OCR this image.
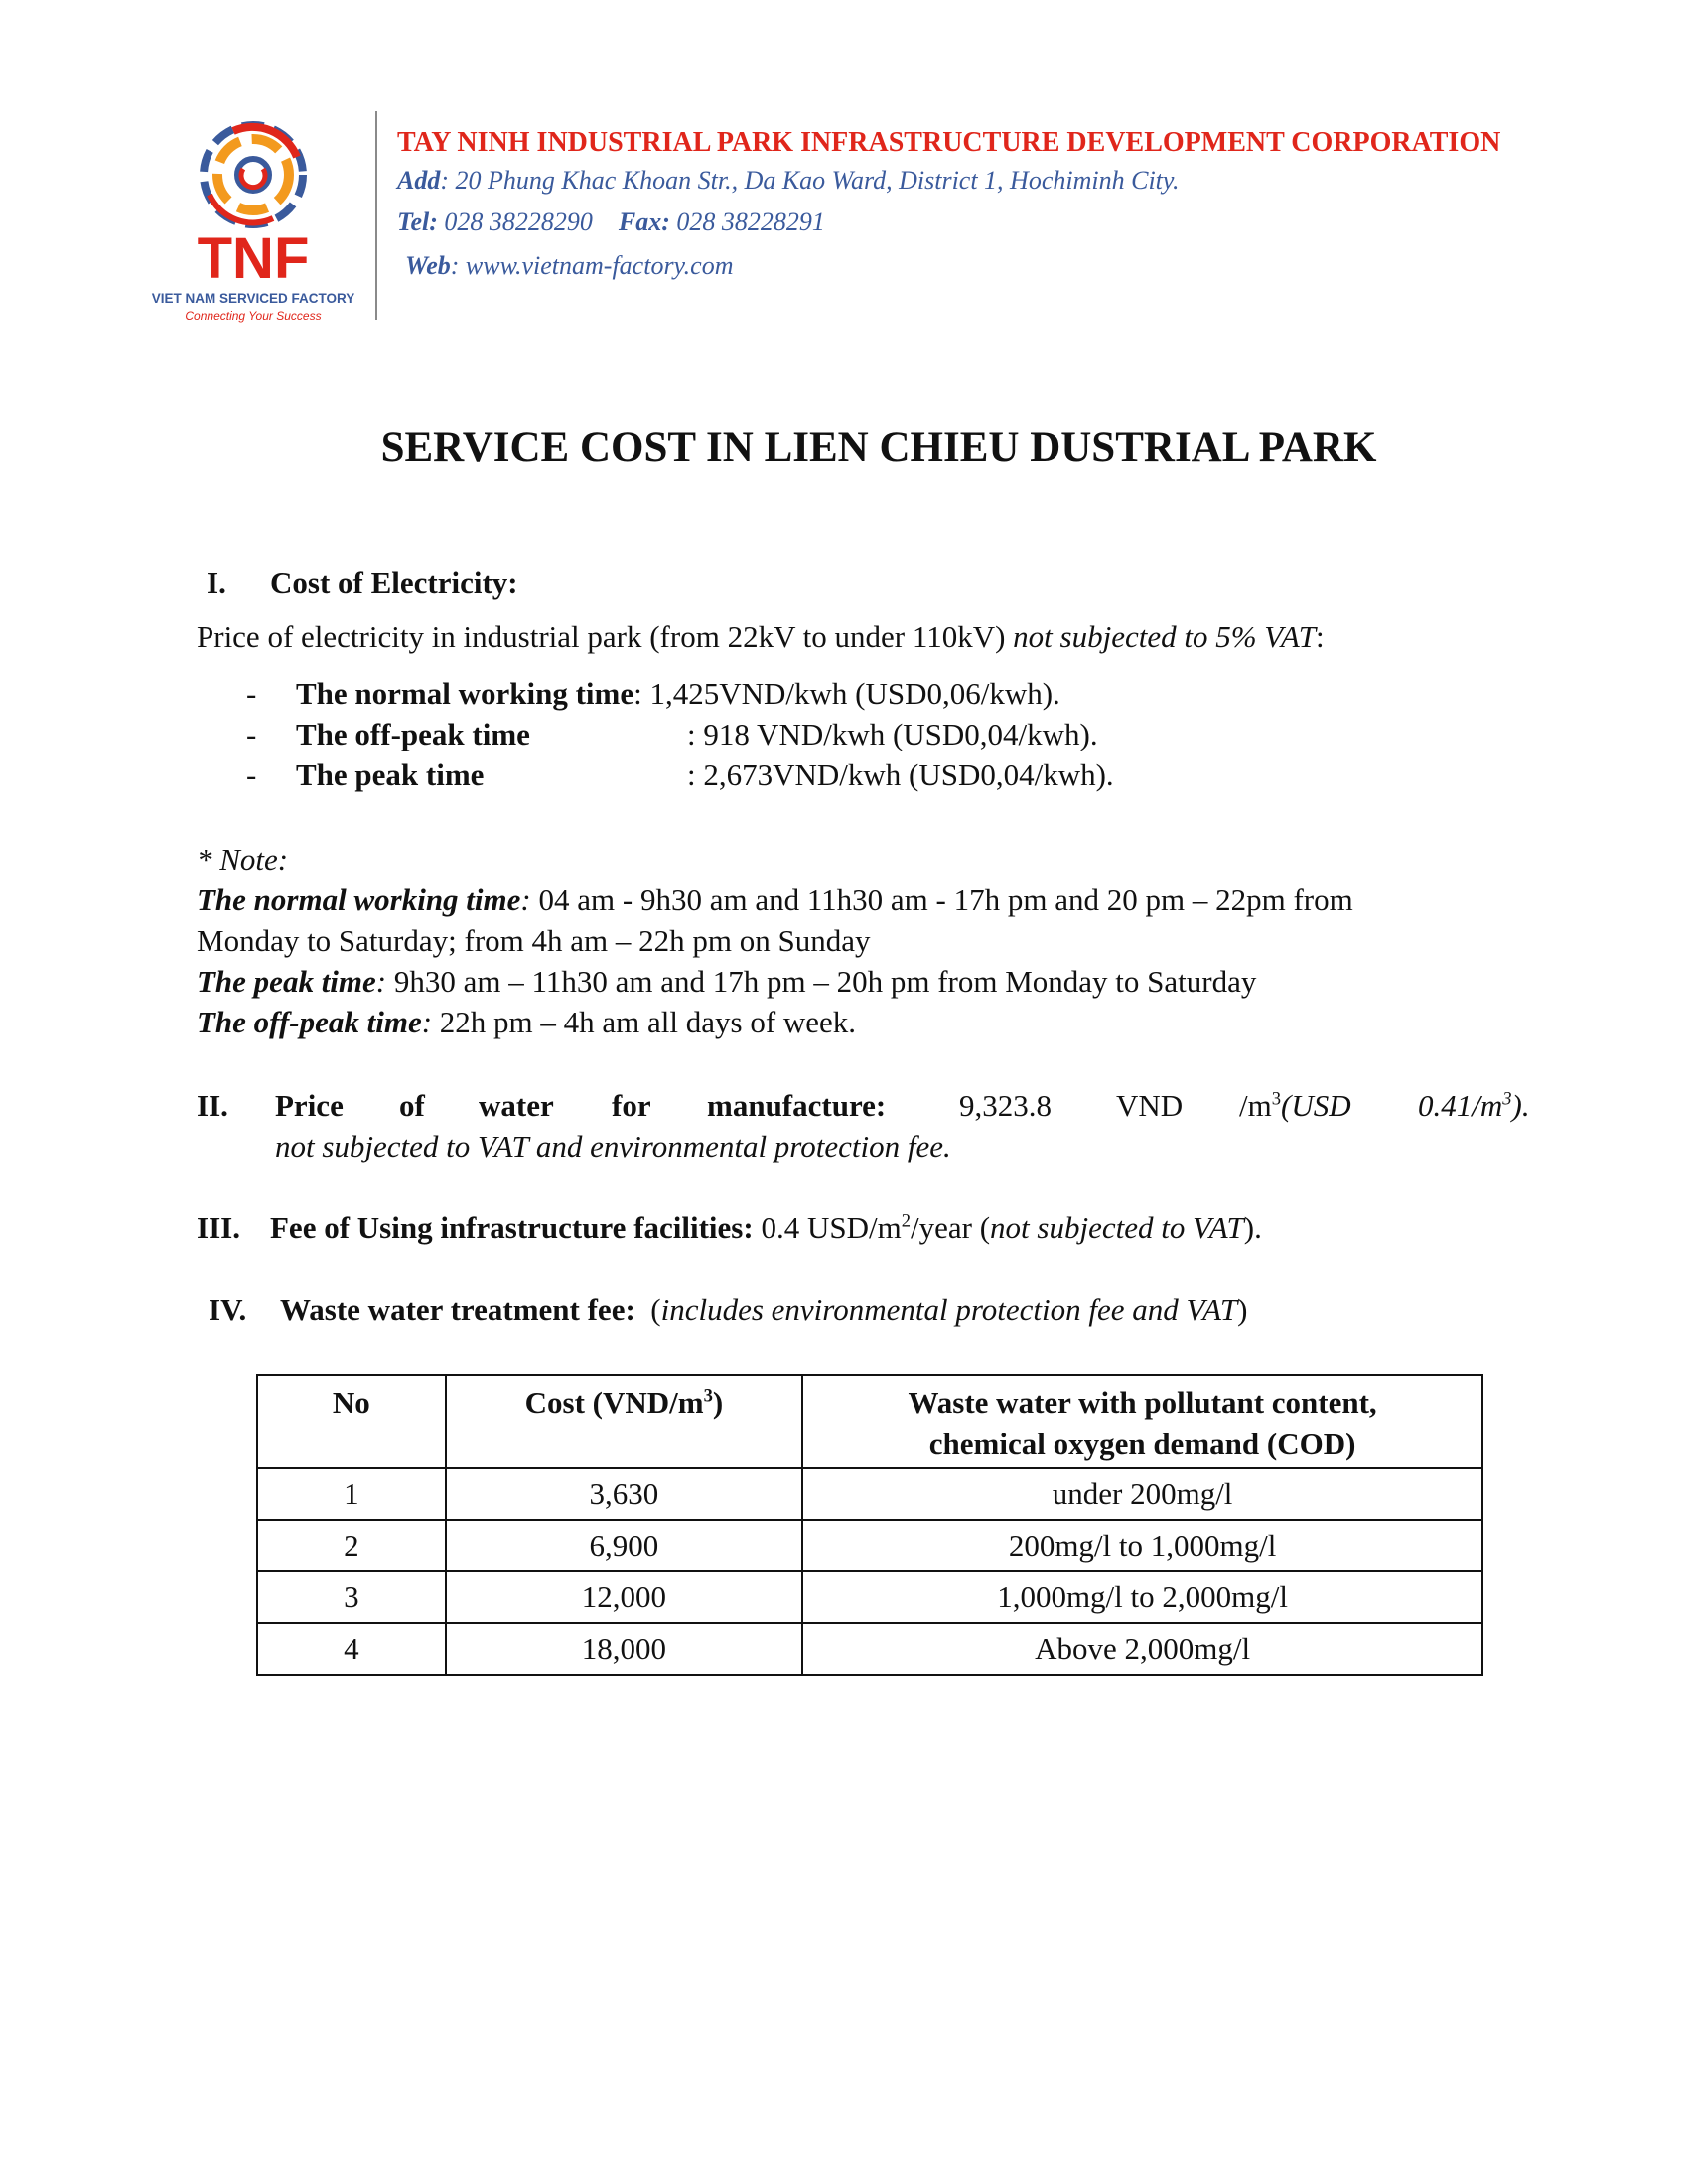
TNF
VIET NAM SERVICED FACTORY
Connecting Your Success
TAY NINH INDUSTRIAL PARK INFRASTRUCTURE DEVELOPMENT CORPORATION
Add: 20 Phung Khac Khoan Str., Da Kao Ward, District 1, Hochiminh City.
Tel: 028 38228290 Fax: 028 38228291
Web: www.vietnam-factory.com
SERVICE COST IN LIEN CHIEU DUSTRIAL PARK
I. Cost of Electricity:
Price of electricity in industrial park (from 22kV to under 110kV) not subjected to 5% VAT:
- The normal working time: 1,425VND/kwh (USD0,06/kwh).
- The off-peak time	: 918 VND/kwh (USD0,04/kwh).
- The peak time	: 2,673VND/kwh (USD0,04/kwh).
* Note:
The normal working time: 04 am - 9h30 am and 11h30 am - 17h pm and 20 pm – 22pm from
Monday to Saturday; from 4h am – 22h pm on Sunday
The peak time: 9h30 am – 11h30 am and 17h pm – 20h pm from Monday to Saturday
The off-peak time: 22h pm – 4h am all days of week.
II. Price of water for manufacture: 9,323.8 VND $/m^3(USD$ $0.41/m^3$).
not subjected to VAT and environmental protection fee.
III. Fee of Using infrastructure facilities: 0.4 USD/$m^2$/year (not subjected to VAT).
IV. Waste water treatment fee: (includes environmental protection fee and VAT)
No	Cost $(VND/m^3)$	Waste water with pollutant content,
chemical oxygen demand (COD)
1	3,630	under 200mg/l
2	6,900	200mg/l to 1,000mg/l
3	12,000	1,000mg/l to 2,000mg/l
4	18,000	Above 2,000mg/l
